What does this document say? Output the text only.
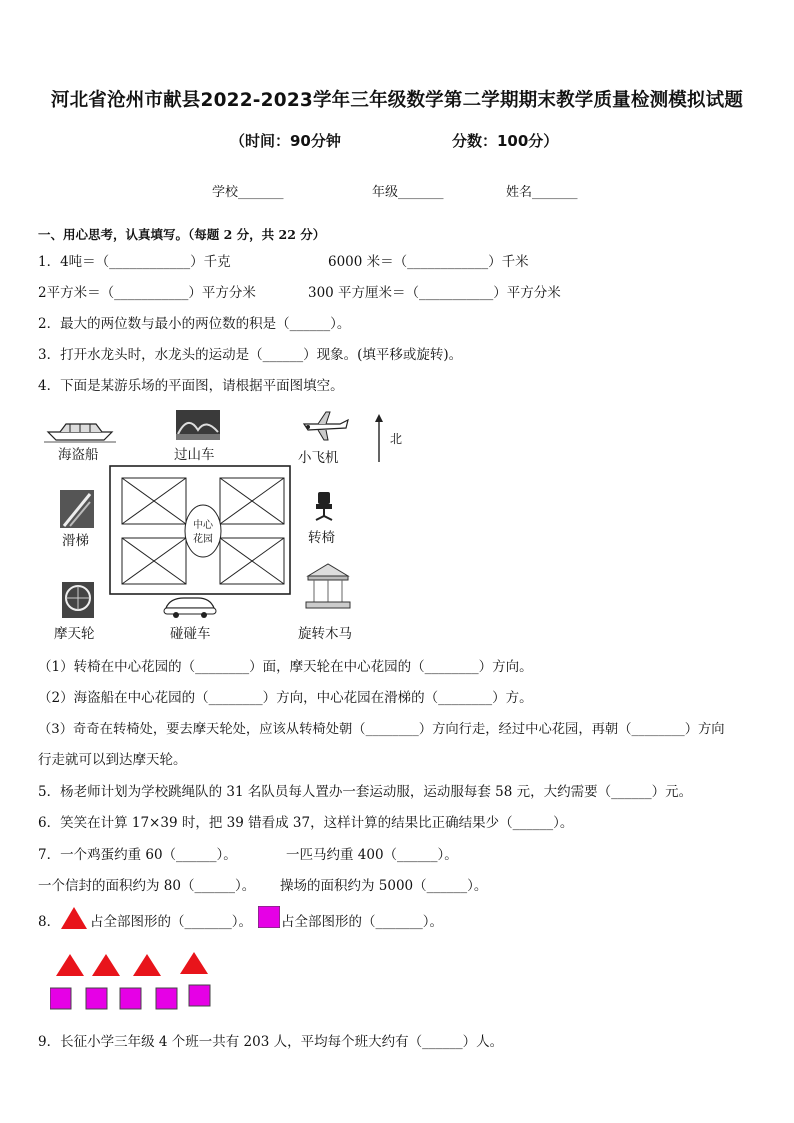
河北省沧州市献县2022-2023学年三年级数学第二学期期末教学质量检测模拟试题
（时间：90分钟	分数：100分）
学校_______	年级_______	姓名_______
一、用心思考，认真填写。（每题 2 分，共 22 分）
1．4吨＝（____________）千克	6000 米＝（____________）千米
2平方米＝（___________）平方分米	300 平方厘米＝（___________）平方分米
2．最大的两位数与最小的两位数的积是（______）。
3．打开水龙头时，水龙头的运动是（______）现象。(填平移或旋转)。
4．下面是某游乐场的平面图，请根据平面图填空。
北
海盗船	过山车	小飞机
滑梯
中心
花园	转椅
摩天轮	碰碰车	旋转木马
（1）转椅在中心花园的（________）面，摩天轮在中心花园的（________）方向。
（2）海盗船在中心花园的（________）方向，中心花园在滑梯的（________）方。
（3）奇奇在转椅处，要去摩天轮处，应该从转椅处朝（________）方向行走，经过中心花园，再朝（________）方向
行走就可以到达摩天轮。
5．杨老师计划为学校跳绳队的 31 名队员每人置办一套运动服，运动服每套 58 元，大约需要（______）元。
6．笑笑在计算 17×39 时，把 39 错看成 37，这样计算的结果比正确结果少（______）。
7．一个鸡蛋约重 60（______）。	一匹马约重 400（______）。
一个信封的面积约为 80（______）。 操场的面积约为 5000（______）。
8． 占全部图形的（_______）。 占全部图形的（_______）。
9．长征小学三年级 4 个班一共有 203 人，平均每个班大约有（______）人。
